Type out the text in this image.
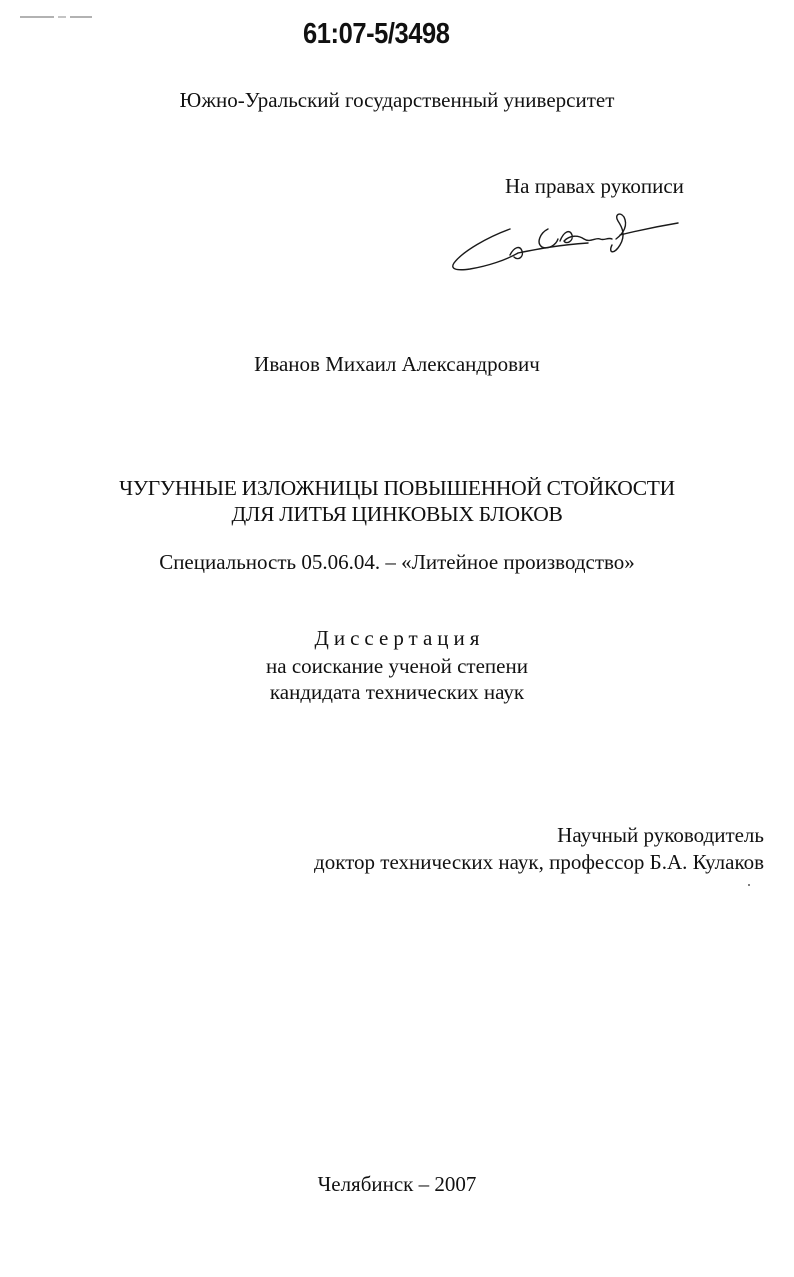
61:07-5/3498
Южно-Уральский государственный университет
На правах рукописи
Иванов Михаил Александрович
ЧУГУННЫЕ ИЗЛОЖНИЦЫ ПОВЫШЕННОЙ СТОЙКОСТИ
ДЛЯ ЛИТЬЯ ЦИНКОВЫХ БЛОКОВ
Специальность 05.06.04. – «Литейное производство»
Диссертация
на соискание ученой степени
кандидата технических наук
Научный руководитель
доктор технических наук, профессор Б.А. Кулаков
Челябинск – 2007
